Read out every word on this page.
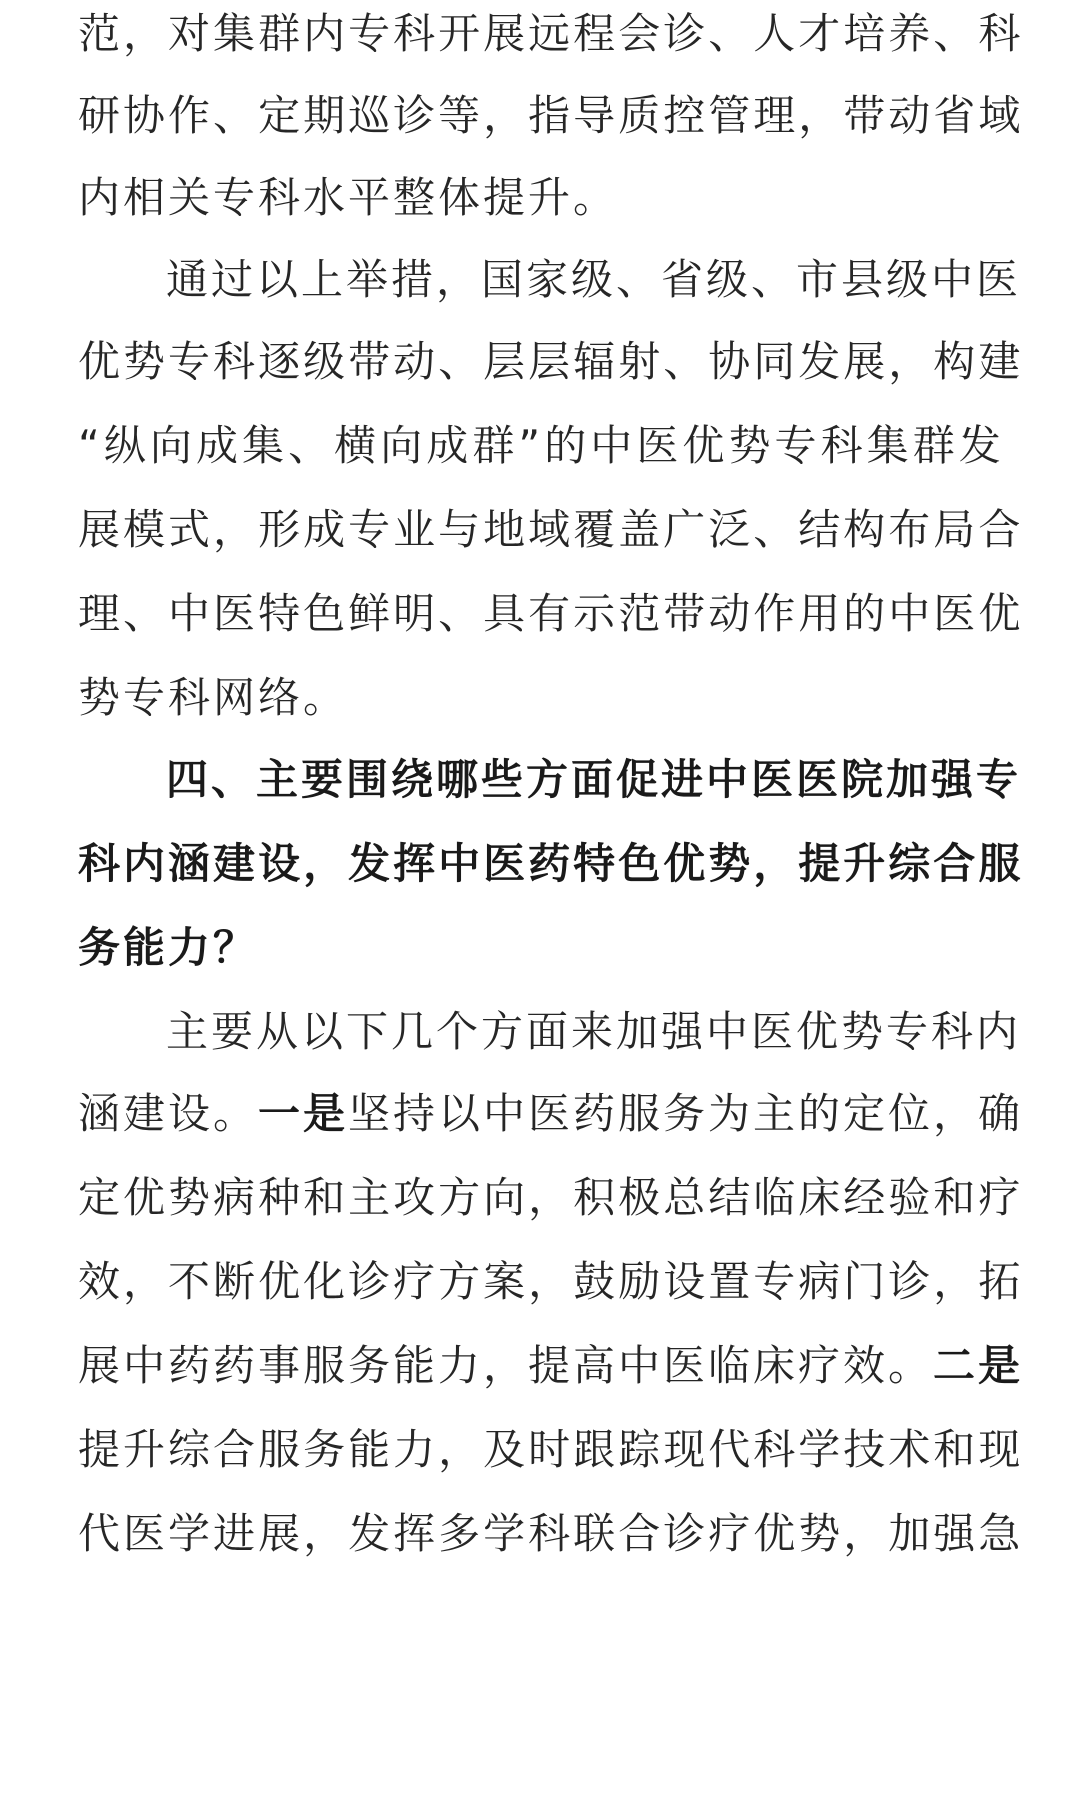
范 ， 对 集 群 内 专 科 开 展 远 程 会 诊 、 人 才 培 养 、 科
研 协 作 、 定 期 巡 诊 等 ， 指 导 质 控 管 理 ， 带 动 省 域
内相关专科水平整体提升。
通过以上举措，国家级、省级、市县级中医
优 势 专 科 逐 级 带 动 、 层 层 辐 射 、 协 同 发 展 ， 构 建
“ 纵 向 成 集 、 横 向 成 群 ” 的 中 医 优 势 专 科 集 群 发
展 模 式 ， 形 成 专 业 与 地 域 覆 盖 广 泛 、 结 构 布 局 合
理 、 中 医 特 色 鲜 明 、 具 有 示 范 带 动 作 用 的 中 医 优
势专科网络。
四、主要围绕哪些方面促进中医医院加强专
科 内 涵 建 设 ， 发 挥 中 医 药 特 色 优 势 ， 提 升 综 合 服
务能力？
主要从以下几个方面来加强中医优势专科内
涵建设。 一是 坚持以中医药服务为主的定位，确
定 优 势 病 种 和 主 攻 方 向 ， 积 极 总 结 临 床 经 验 和 疗
效 ， 不 断 优 化 诊 疗 方 案 ， 鼓 励 设 置 专 病 门 诊 ， 拓
展中药药事服务能力，提高中医临床疗效。 二是
提 升 综 合 服 务 能 力 ， 及 时 跟 踪 现 代 科 学 技 术 和 现
代 医 学 进 展 ， 发 挥 多 学 科 联 合 诊 疗 优 势 ， 加 强 急
